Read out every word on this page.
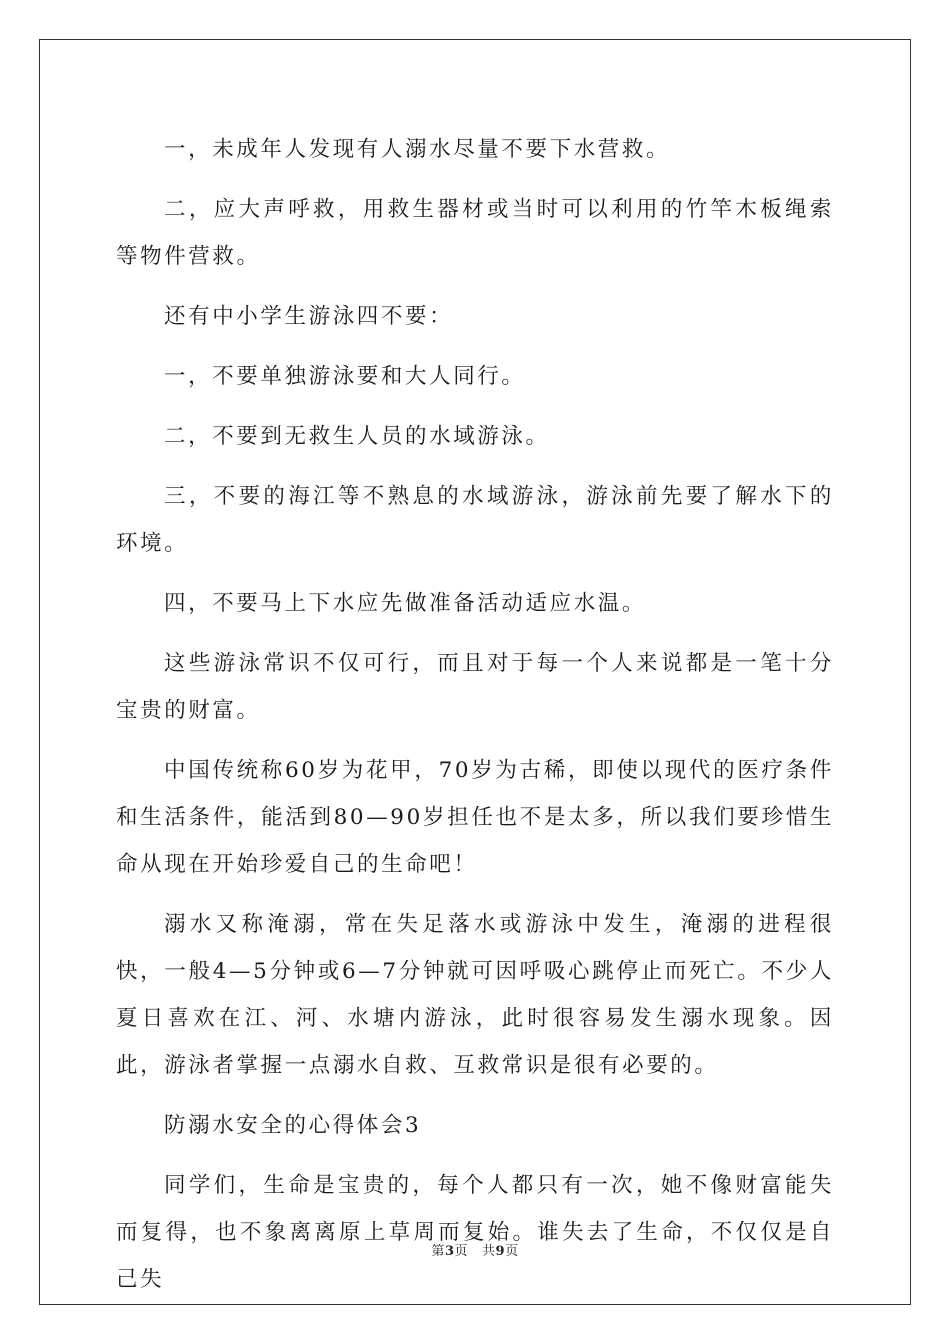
一，未成年人发现有人溺水尽量不要下水营救。

二，应大声呼救，用救生器材或当时可以利用的竹竿木板绳索等物件营救。

还有中小学生游泳四不要：

一，不要单独游泳要和大人同行。

二，不要到无救生人员的水域游泳。

三，不要的海江等不熟息的水域游泳，游泳前先要了解水下的环境。

四，不要马上下水应先做准备活动适应水温。

这些游泳常识不仅可行，而且对于每一个人来说都是一笔十分宝贵的财富。

中国传统称60岁为花甲，70岁为古稀，即使以现代的医疗条件和生活条件，能活到80—90岁担任也不是太多，所以我们要珍惜生命从现在开始珍爱自己的生命吧！

溺水又称淹溺，常在失足落水或游泳中发生，淹溺的进程很快，一般4—5分钟或6—7分钟就可因呼吸心跳停止而死亡。不少人夏日喜欢在江、河、水塘内游泳，此时很容易发生溺水现象。因此，游泳者掌握一点溺水自救、互救常识是很有必要的。

防溺水安全的心得体会3

同学们，生命是宝贵的，每个人都只有一次，她不像财富能失而复得，也不象离离原上草周而复始。谁失去了生命，不仅仅是自己失

第3页 共9页
